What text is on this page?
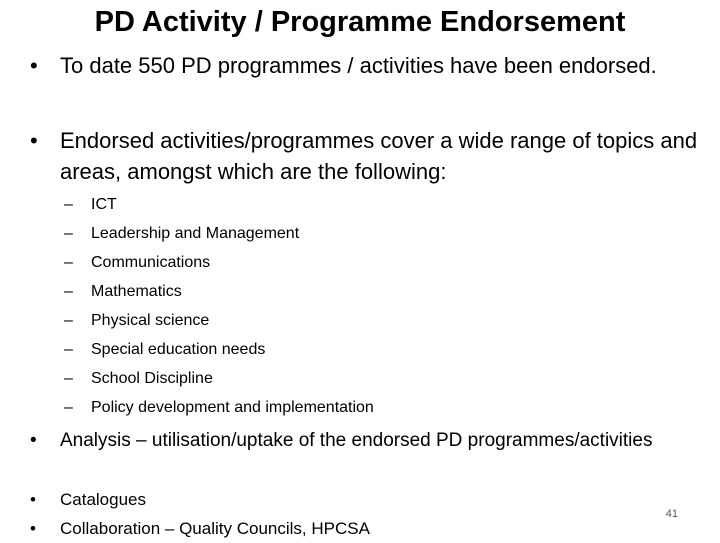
PD Activity / Programme Endorsement
• To date 550 PD programmes / activities have been endorsed.
• Endorsed activities/programmes cover a wide range of topics and areas, amongst which are the following:
– ICT
– Leadership and Management
– Communications
– Mathematics
– Physical science
– Special education needs
– School Discipline
– Policy development and implementation
• Analysis – utilisation/uptake of the endorsed PD programmes/activities
• Catalogues
• Collaboration – Quality Councils, HPCSA
41
